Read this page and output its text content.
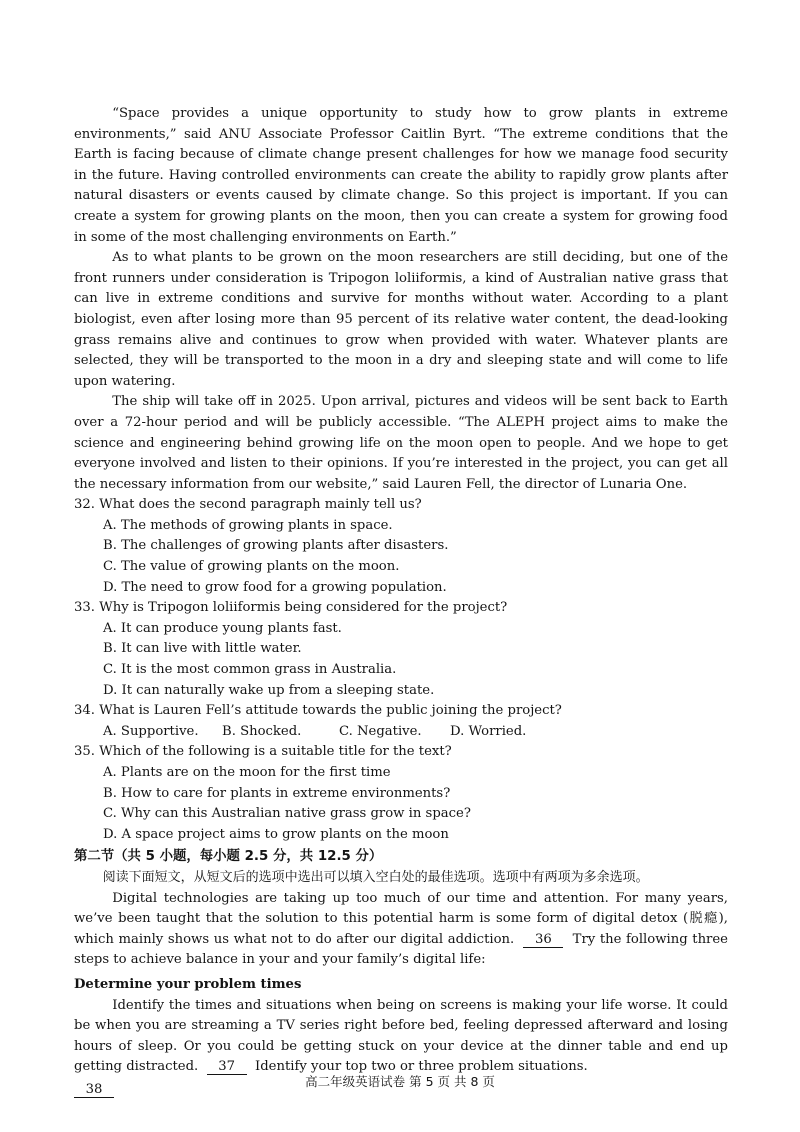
“Space provides a unique opportunity to study how to grow plants in extreme environments,” said ANU Associate Professor Caitlin Byrt. “The extreme conditions that the Earth is facing because of climate change present challenges for how we manage food security in the future. Having controlled environments can create the ability to rapidly grow plants after natural disasters or events caused by climate change. So this project is important. If you can create a system for growing plants on the moon, then you can create a system for growing food in some of the most challenging environments on Earth.”

As to what plants to be grown on the moon researchers are still deciding, but one of the front runners under consideration is Tripogon loliiformis, a kind of Australian native grass that can live in extreme conditions and survive for months without water. According to a plant biologist, even after losing more than 95 percent of its relative water content, the dead-looking grass remains alive and continues to grow when provided with water. Whatever plants are selected, they will be transported to the moon in a dry and sleeping state and will come to life upon watering.

The ship will take off in 2025. Upon arrival, pictures and videos will be sent back to Earth over a 72-hour period and will be publicly accessible. “The ALEPH project aims to make the science and engineering behind growing life on the moon open to people. And we hope to get everyone involved and listen to their opinions. If you’re interested in the project, you can get all the necessary information from our website,” said Lauren Fell, the director of Lunaria One.

32. What does the second paragraph mainly tell us?

A. The methods of growing plants in space.

B. The challenges of growing plants after disasters.

C. The value of growing plants on the moon.

D. The need to grow food for a growing population.

33. Why is Tripogon loliiformis being considered for the project?

A. It can produce young plants fast.

B. It can live with little water.

C. It is the most common grass in Australia.

D. It can naturally wake up from a sleeping state.

34. What is Lauren Fell’s attitude towards the public joining the project?

A. Supportive.	B. Shocked.	C. Negative.	D. Worried.

35. Which of the following is a suitable title for the text?

A. Plants are on the moon for the first time

B. How to care for plants in extreme environments?

C. Why can this Australian native grass grow in space?

D. A space project aims to grow plants on the moon

第二节（共 5 小题，每小题 2.5 分，共 12.5 分）

阅读下面短文，从短文后的选项中选出可以填入空白处的最佳选项。选项中有两项为多余选项。

Digital technologies are taking up too much of our time and attention. For many years, we’ve been taught that the solution to this potential harm is some form of digital detox (脱瘾), which mainly shows us what not to do after our digital addiction. 36 Try the following three steps to achieve balance in your and your family’s digital life:

Determine your problem times

Identify the times and situations when being on screens is making your life worse. It could be when you are streaming a TV series right before bed, feeling depressed afterward and losing hours of sleep. Or you could be getting stuck on your device at the dinner table and end up getting distracted. 37 Identify your top two or three problem situations.

38

高二年级英语试卷 第 5 页 共 8 页
